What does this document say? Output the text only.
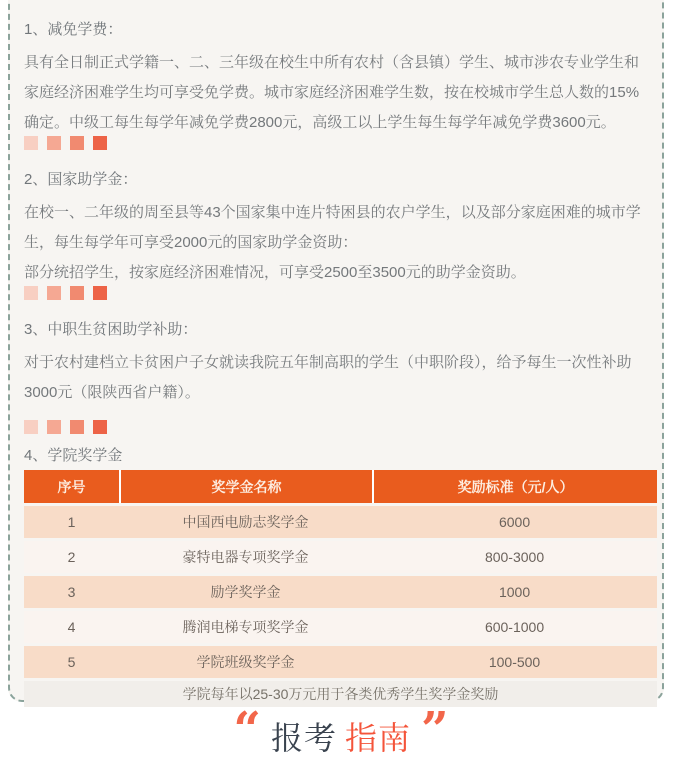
1、减免学费：

具有全日制正式学籍一、二、三年级在校生中所有农村（含县镇）学生、城市涉农专业学生和家庭经济困难学生均可享受免学费。城市家庭经济困难学生数，按在校城市学生总人数的15%确定。中级工每生每学年减免学费2800元，高级工以上学生每生每学年减免学费3600元。

2、国家助学金：

在校一、二年级的周至县等43个国家集中连片特困县的农户学生，以及部分家庭困难的城市学生，每生每学年可享受2000元的国家助学金资助：

部分统招学生，按家庭经济困难情况，可享受2500至3500元的助学金资助。

3、中职生贫困助学补助：

对于农村建档立卡贫困户子女就读我院五年制高职的学生（中职阶段），给予每生一次性补助3000元（限陕西省户籍）。

4、学院奖学金
序号	奖学金名称	奖励标准（元/人）
1	中国西电励志奖学金	6000
2	豪特电器专项奖学金	800-3000
3	励学奖学金	1000
4	腾润电梯专项奖学金	600-1000
5	学院班级奖学金	100-500
学院每年以25-30万元用于各类优秀学生奖学金奖励
“ 报考 指南 ”
